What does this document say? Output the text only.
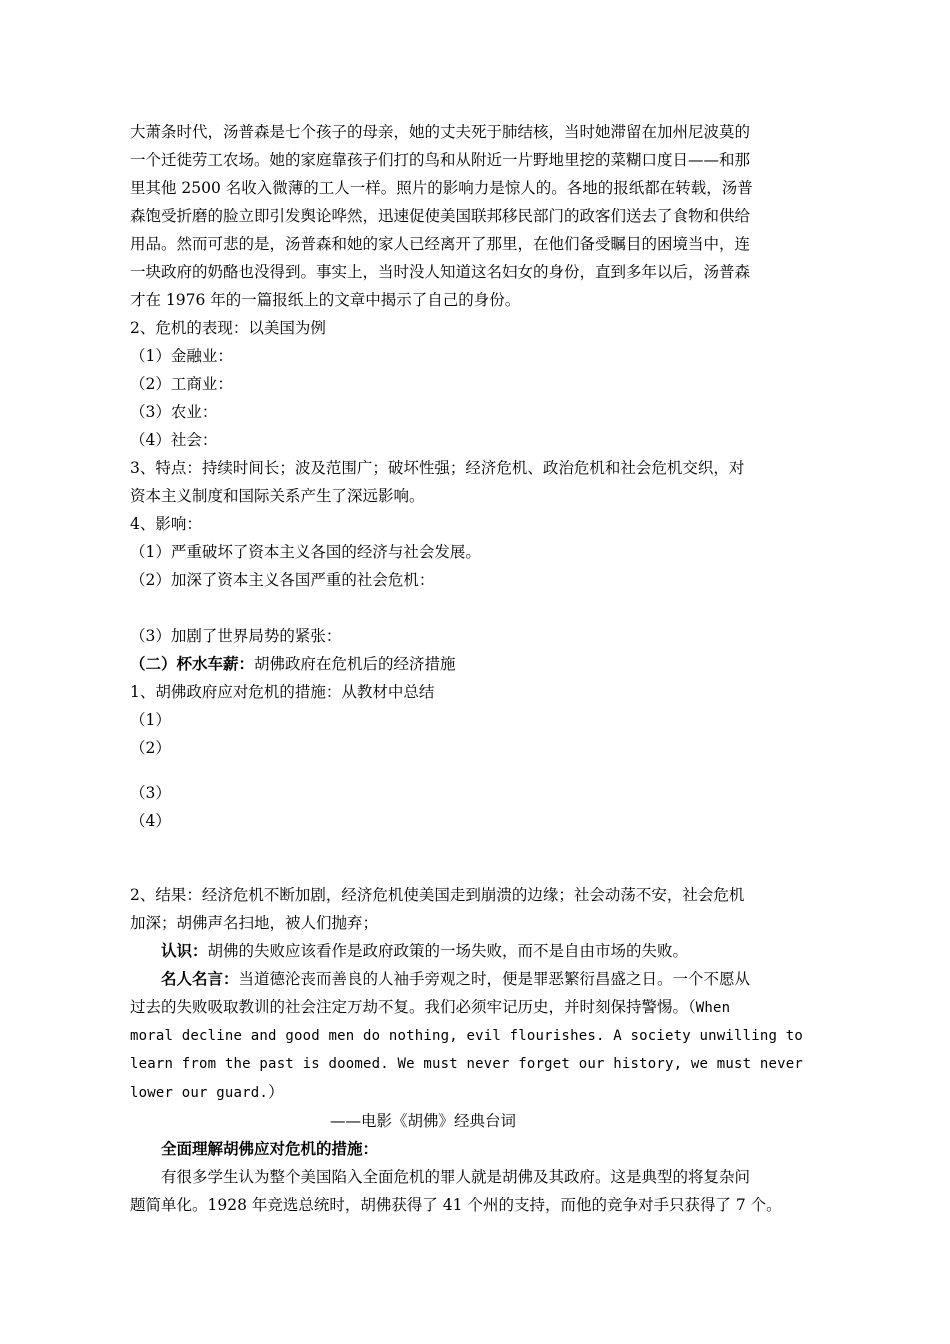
大萧条时代，汤普森是七个孩子的母亲，她的丈夫死于肺结核，当时她滞留在加州尼波莫的
一个迁徙劳工农场。她的家庭靠孩子们打的鸟和从附近一片野地里挖的菜糊口度日——和那
里其他 2500 名收入微薄的工人一样。照片的影响力是惊人的。各地的报纸都在转载，汤普
森饱受折磨的脸立即引发舆论哗然，迅速促使美国联邦移民部门的政客们送去了食物和供给
用品。然而可悲的是，汤普森和她的家人已经离开了那里，在他们备受瞩目的困境当中，连
一块政府的奶酪也没得到。事实上，当时没人知道这名妇女的身份，直到多年以后，汤普森
才在 1976 年的一篇报纸上的文章中揭示了自己的身份。

2、危机的表现：以美国为例

（1）金融业：

（2）工商业：

（3）农业：

（4）社会：

3、特点：持续时间长；波及范围广；破坏性强；经济危机、政治危机和社会危机交织，对

资本主义制度和国际关系产生了深远影响。

4、影响：

（1）严重破坏了资本主义各国的经济与社会发展。

（2）加深了资本主义各国严重的社会危机：

（3）加剧了世界局势的紧张：

（二）杯水车薪：胡佛政府在危机后的经济措施

1、胡佛政府应对危机的措施：从教材中总结

（1）

（2）

（3）

（4）

2、结果：经济危机不断加剧，经济危机使美国走到崩溃的边缘；社会动荡不安，社会危机

加深；胡佛声名扫地，被人们抛弃；

认识：胡佛的失败应该看作是政府政策的一场失败，而不是自由市场的失败。

名人名言：当道德沦丧而善良的人袖手旁观之时，便是罪恶繁衍昌盛之日。一个不愿从

过去的失败吸取教训的社会注定万劫不复。我们必须牢记历史，并时刻保持警惕。（When

moral decline and good men do nothing, evil flourishes. A society unwilling to

learn from the past is doomed. We must never forget our history, we must never

lower our guard.）

——电影《胡佛》经典台词

全面理解胡佛应对危机的措施：

有很多学生认为整个美国陷入全面危机的罪人就是胡佛及其政府。这是典型的将复杂问

题简单化。1928 年竞选总统时，胡佛获得了 41 个州的支持，而他的竞争对手只获得了 7 个。
